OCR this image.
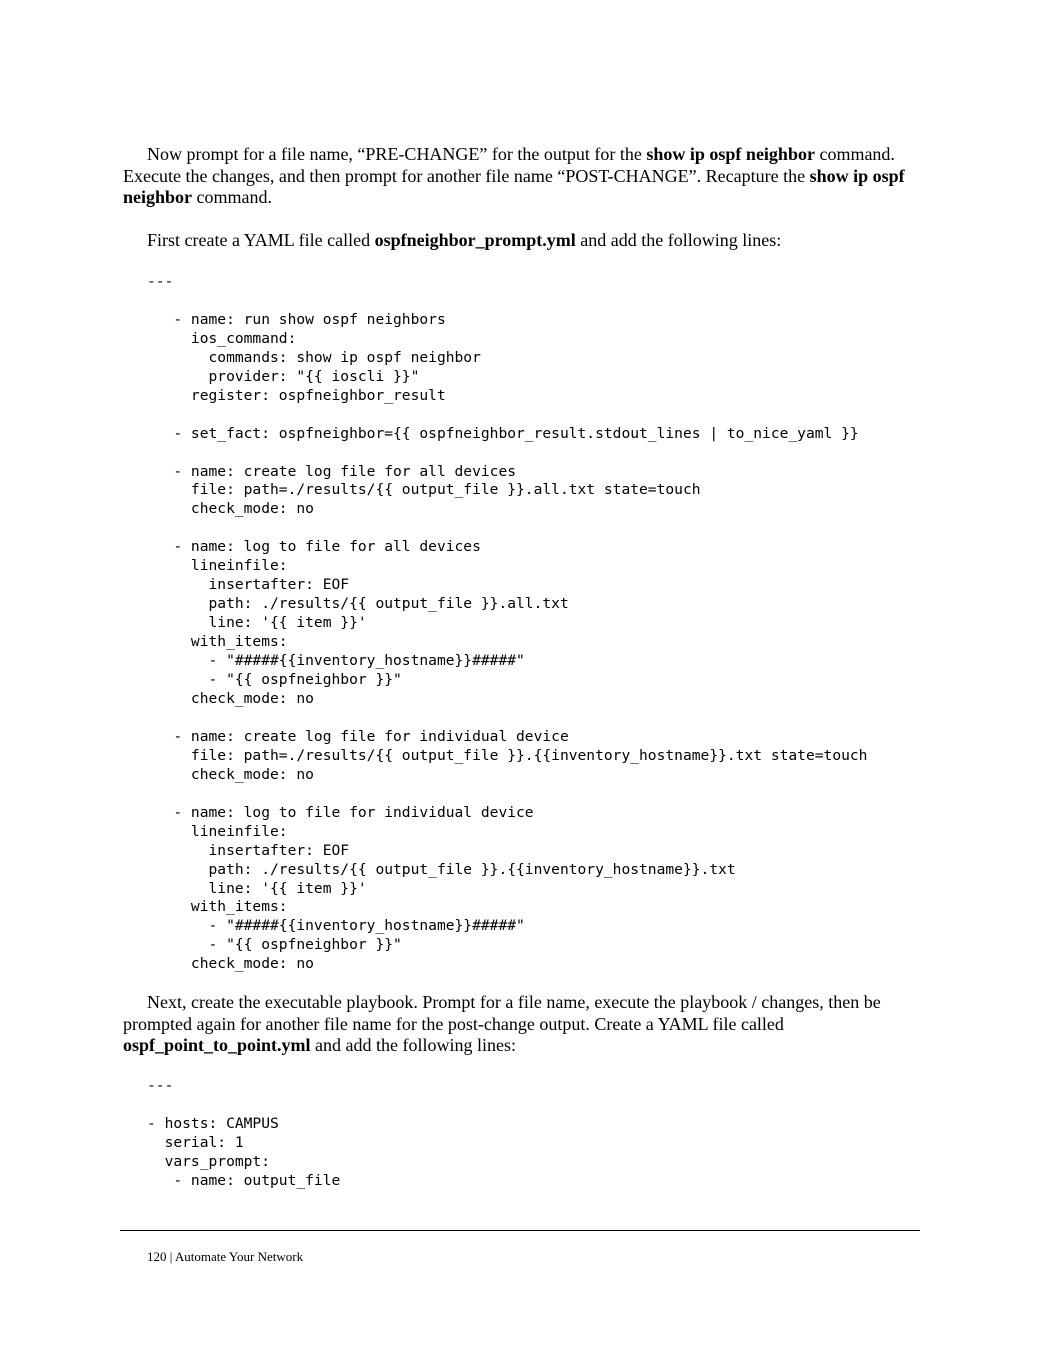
Now prompt for a file name, “PRE-CHANGE” for the output for the show ip ospf neighbor command. Execute the changes, and then prompt for another file name “POST-CHANGE”. Recapture the show ip ospf neighbor command.

First create a YAML file called ospfneighbor_prompt.yml and add the following lines:

---

- name: run show ospf neighbors
ios_command:
commands: show ip ospf neighbor
provider: "{{ ioscli }}"
register: ospfneighbor_result

- set_fact: ospfneighbor={{ ospfneighbor_result.stdout_lines | to_nice_yaml }}

- name: create log file for all devices
file: path=./results/{{ output_file }}.all.txt state=touch
check_mode: no

- name: log to file for all devices
lineinfile:
insertafter: EOF
path: ./results/{{ output_file }}.all.txt
line: '{{ item }}'
with_items:
- "#####{{inventory_hostname}}#####"
- "{{ ospfneighbor }}"
check_mode: no

- name: create log file for individual device
file: path=./results/{{ output_file }}.{{inventory_hostname}}.txt state=touch
check_mode: no

- name: log to file for individual device
lineinfile:
insertafter: EOF
path: ./results/{{ output_file }}.{{inventory_hostname}}.txt
line: '{{ item }}'
with_items:
- "#####{{inventory_hostname}}#####"
- "{{ ospfneighbor }}"
check_mode: no

Next, create the executable playbook. Prompt for a file name, execute the playbook / changes, then be prompted again for another file name for the post-change output. Create a YAML file called ospf_point_to_point.yml and add the following lines:

---

- hosts: CAMPUS
serial: 1
vars_prompt:
- name: output_file
120 | Automate Your Network
